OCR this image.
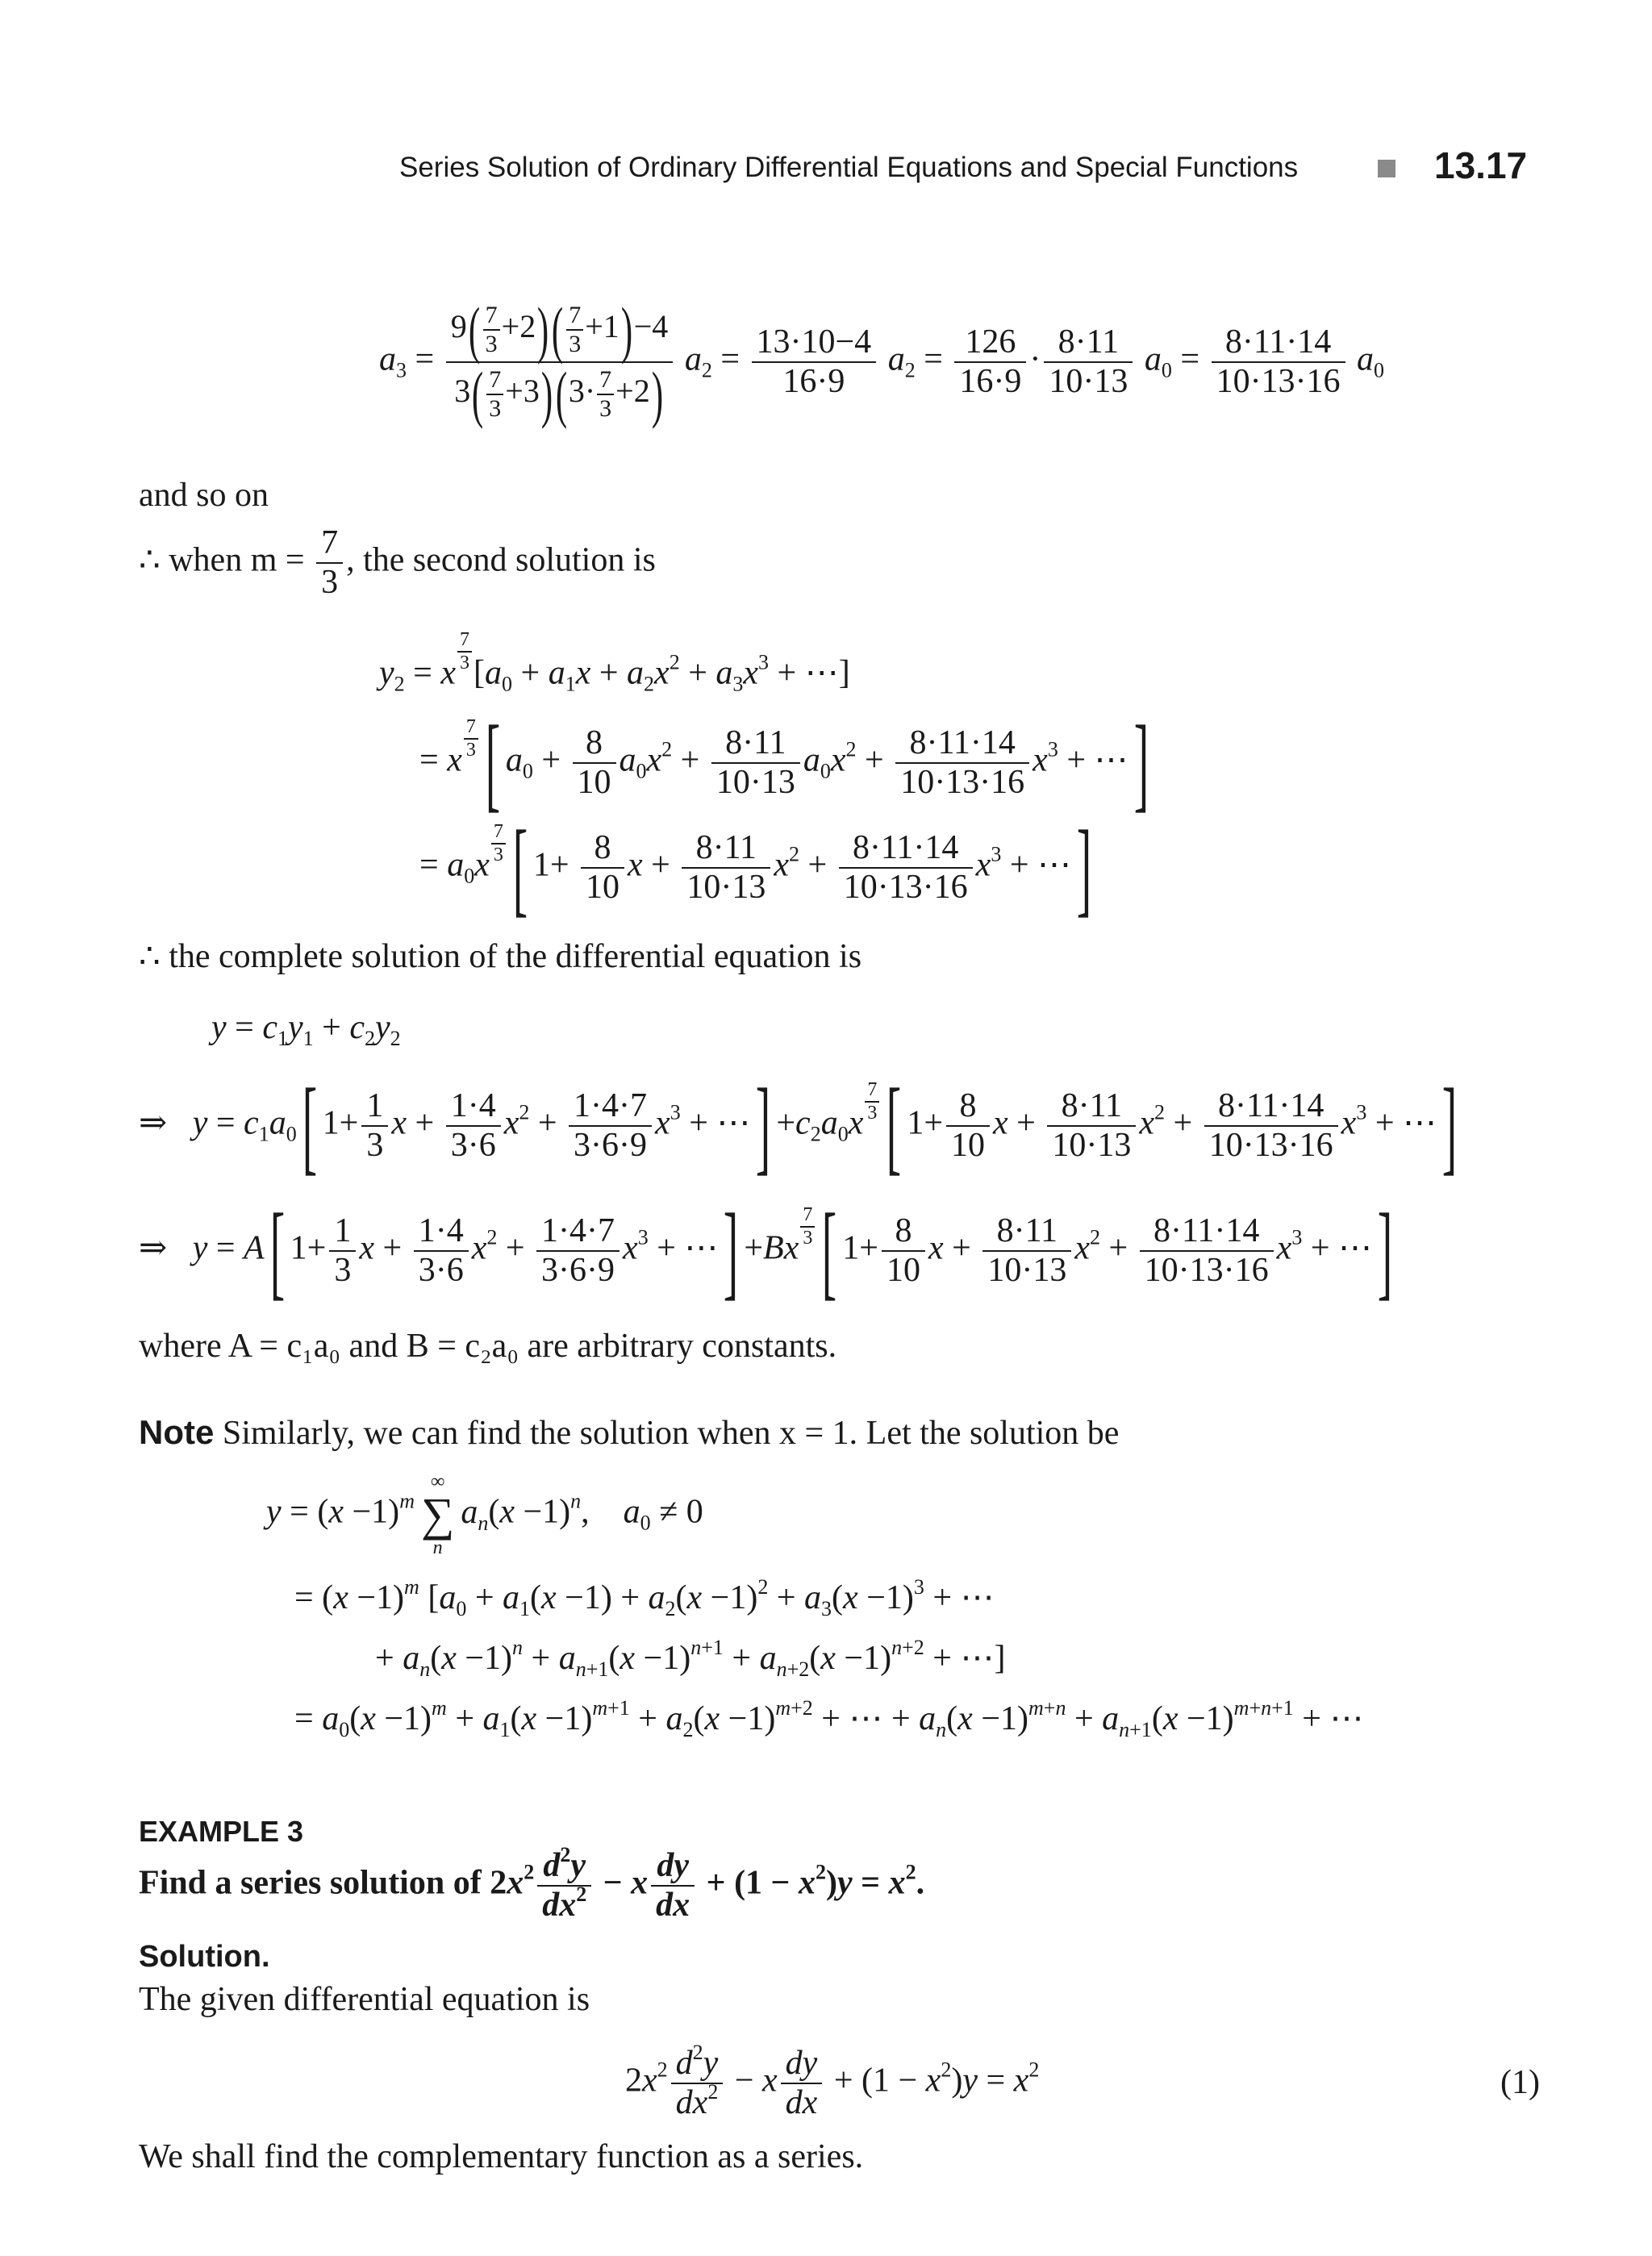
Series Solution of Ordinary Differential Equations and Special Functions	13.17
$a_3 = \frac{9( \frac{7}{3} +2)( \frac{7}{3} +1)-4}{3( \frac{7}{3} +3)(3\cdot \frac{7}{3} +2)} a_2 = \frac{13\cdot 10-4}{16\cdot 9} a_2 = \frac{126}{16\cdot 9} \cdot \frac{8\cdot 11}{10\cdot 13} a_0 = \frac{8\cdot 11\cdot 14}{10\cdot 13\cdot 16} a_0$
and so on
∴ when $m = \frac{7}{3}$ , the second solution is
$y_2 = x \frac{7}{3} [a_0 + a_1x + a_2x^2 + a_3x^3$ + ⋯]
= x $\frac{7}{3}$ [ $a_0 + \frac{8}{10} a_0x^2 + \frac{8\cdot 11}{10\cdot 13} a_0x^2 + \frac{8\cdot 11\cdot 14}{10\cdot 13\cdot 16} x^3$ + ⋯]
= $a_0x \frac{7}{3}$ [ $1+ \frac{8}{10}$ $x + \frac{8\cdot 11}{10\cdot 13} x^2 + \frac{8\cdot 11\cdot 14}{10\cdot 13\cdot 16} x^3$ + ⋯]
∴ the complete solution of the differential equation is
$y = c_1y_1 + c_2y_2$
⇒   $y = c_1a_0$[ $1+ \frac{1}{3}$ $x + \frac{1\cdot 4}{3\cdot 6} x^2 + \frac{1\cdot 4\cdot 7}{3\cdot 6\cdot 9} x^3$ + ⋯] $+c_2a_0x \frac{7}{3}$ [ $1+ \frac{8}{10}$ $x + \frac{8\cdot 11}{10\cdot 13} x^2 + \frac{8\cdot 11\cdot 14}{10\cdot 13\cdot 16} x^3$ + ⋯]
⇒   y = A[ $1+ \frac{1}{3}$ $x + \frac{1\cdot 4}{3\cdot 6} x^2 + \frac{1\cdot 4\cdot 7}{3\cdot 6\cdot 9} x^3$ + ⋯] $+Bx \frac{7}{3}$ [ $1+ \frac{8}{10}$ $x + \frac{8\cdot 11}{10\cdot 13} x^2 + \frac{8\cdot 11\cdot 14}{10\cdot 13\cdot 16} x^3$ + ⋯]
where A = c₁a₀ and B = c₂a₀ are arbitrary constants.
Note Similarly, we can find the solution when x = 1. Let the solution be
$y = (x -1)^m$
∞
∑
n
$a_n(x -1)^n$,    $a_0 \ne 0$
= $(x -1)^m$ [$a_0 + a_1(x -1) + a_2(x -1)^2 + a_3(x -1)^3$ + ⋯
+ $a_n(x -1)^n + a_{n+1}(x -1)^{n+1} + a_{n+2}(x -1)^{n+2}$ + ⋯]
= $a_0(x -1)^m + a_1(x -1)^{m+1} + a_2(x -1)^{m+2}$ + ⋯ + $a_n(x -1)^{m+n} + a_{n+1}(x -1)^{m+n+1}$ + ⋯
EXAMPLE 3
Find a series solution of $2x^2 \frac{d^2y}{dx^2} - x \frac{dy}{dx} + (1 - x^2)y = x^2$.
Solution.
The given differential equation is
$2x^2 \frac{d^2y}{dx^2} - x \frac{dy}{dx} + (1 - x^2)y = x^2$	(1)
We shall find the complementary function as a series.
